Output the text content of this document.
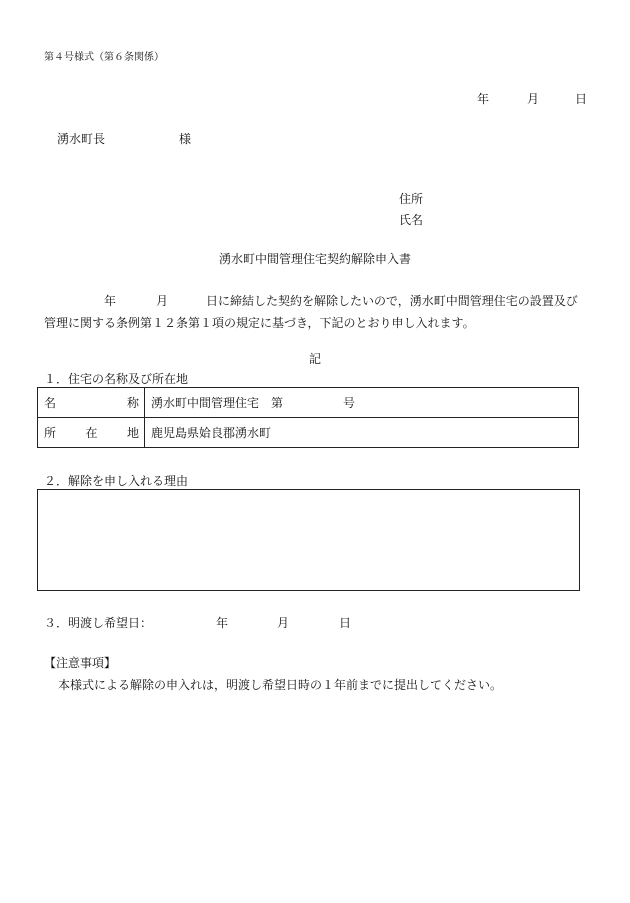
第４号様式（第６条関係）
年	月	日
湧水町長	様
住所
氏名
湧水町中間管理住宅契約解除申入書
年	月	日に締結した契約を解除したいので，湧水町中間管理住宅の設置及び
管理に関する条例第１２条第１項の規定に基づき，下記のとおり申し入れます。
記
１．住宅の名称及び所在地
名称	湧水町中間管理住宅　第 号
所在地	鹿児島県姶良郡湧水町
２．解除を申し入れる理由
３．明渡し希望日：	年	月	日
【注意事項】
本様式による解除の申入れは，明渡し希望日時の１年前までに提出してください。
